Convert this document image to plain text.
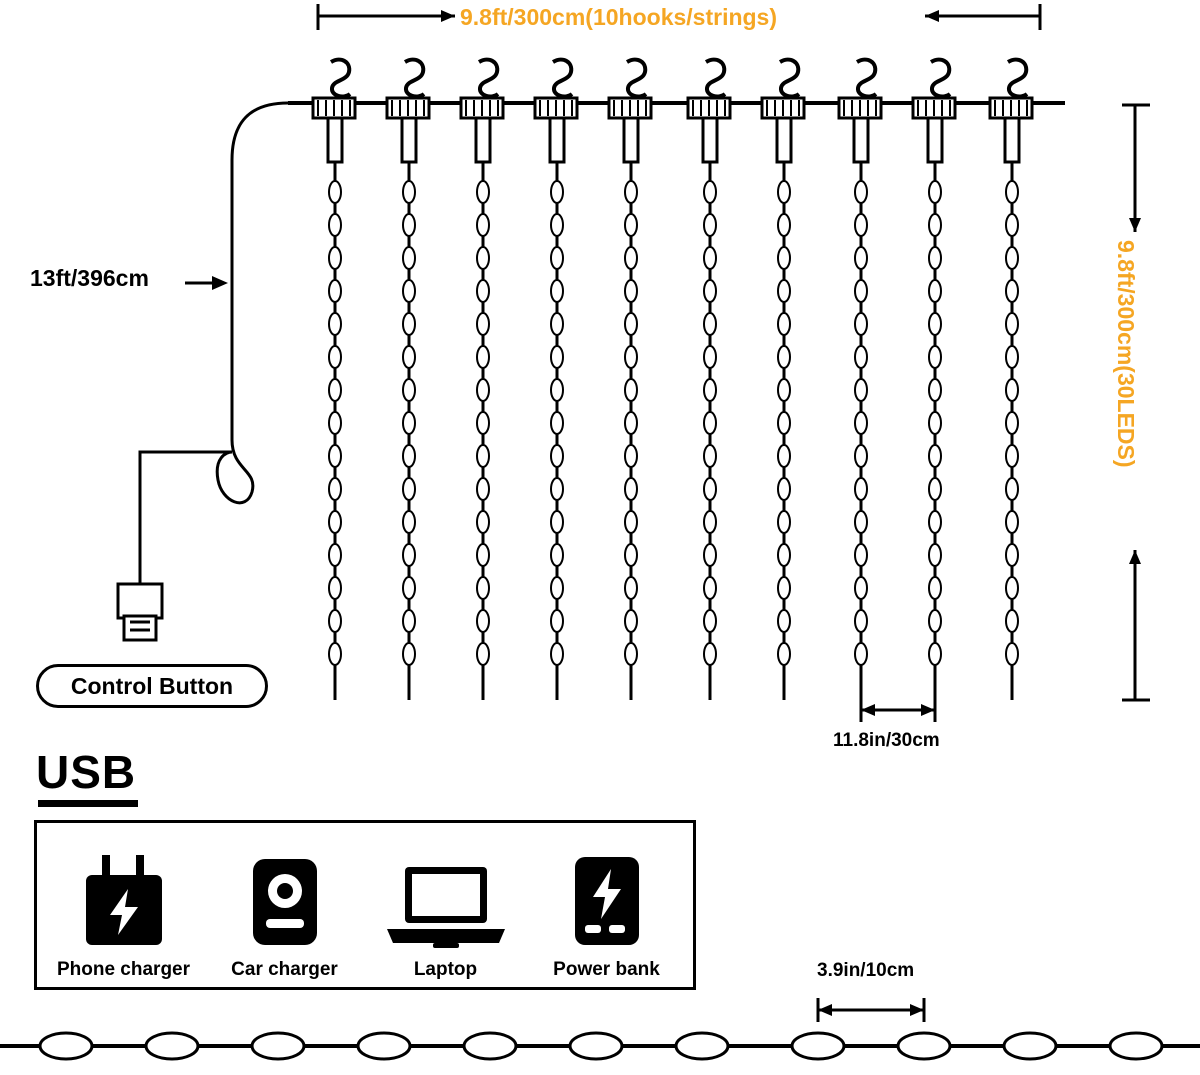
9.8ft/300cm(10hooks/strings)
9.8ft/300cm(30LEDS)
13ft/396cm
11.8in/30cm
3.9in/10cm
Control Button
USB
Phone charger Car charger	Laptop	Power bank
